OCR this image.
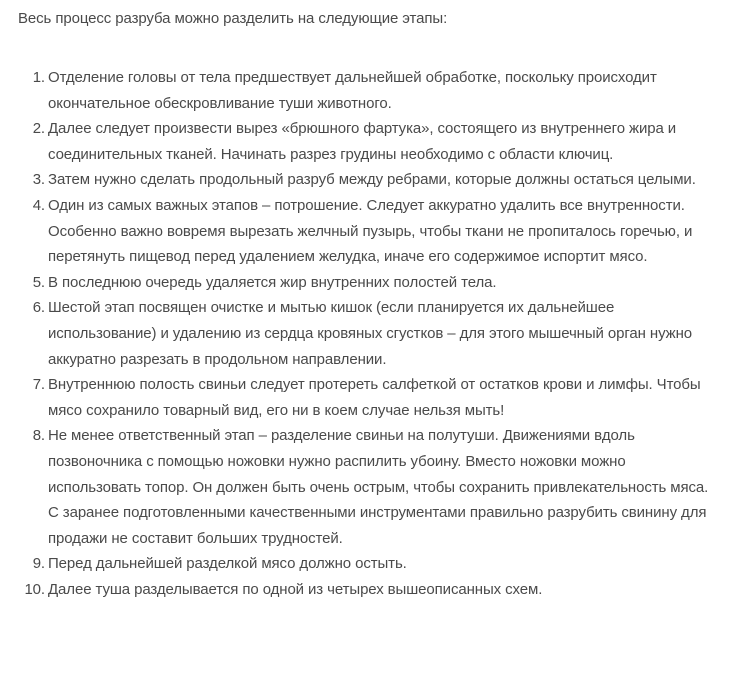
Весь процесс разруба можно разделить на следующие этапы:

1. Отделение головы от тела предшествует дальнейшей обработке, поскольку происходит окончательное обескровливание туши животного.
2. Далее следует произвести вырез «брюшного фартука», состоящего из внутреннего жира и соединительных тканей. Начинать разрез грудины необходимо с области ключиц.
3. Затем нужно сделать продольный разруб между ребрами, которые должны остаться целыми.
4. Один из самых важных этапов – потрошение. Следует аккуратно удалить все внутренности. Особенно важно вовремя вырезать желчный пузырь, чтобы ткани не пропиталось горечью, и перетянуть пищевод перед удалением желудка, иначе его содержимое испортит мясо.
5. В последнюю очередь удаляется жир внутренних полостей тела.
6. Шестой этап посвящен очистке и мытью кишок (если планируется их дальнейшее использование) и удалению из сердца кровяных сгустков – для этого мышечный орган нужно аккуратно разрезать в продольном направлении.
7. Внутреннюю полость свиньи следует протереть салфеткой от остатков крови и лимфы. Чтобы мясо сохранило товарный вид, его ни в коем случае нельзя мыть!
8. Не менее ответственный этап – разделение свиньи на полутуши. Движениями вдоль позвоночника с помощью ножовки нужно распилить убоину. Вместо ножовки можно использовать топор. Он должен быть очень острым, чтобы сохранить привлекательность мяса. С заранее подготовленными качественными инструментами правильно разрубить свинину для продажи не составит больших трудностей.
9. Перед дальнейшей разделкой мясо должно остыть.
10. Далее туша разделывается по одной из четырех вышеописанных схем.
